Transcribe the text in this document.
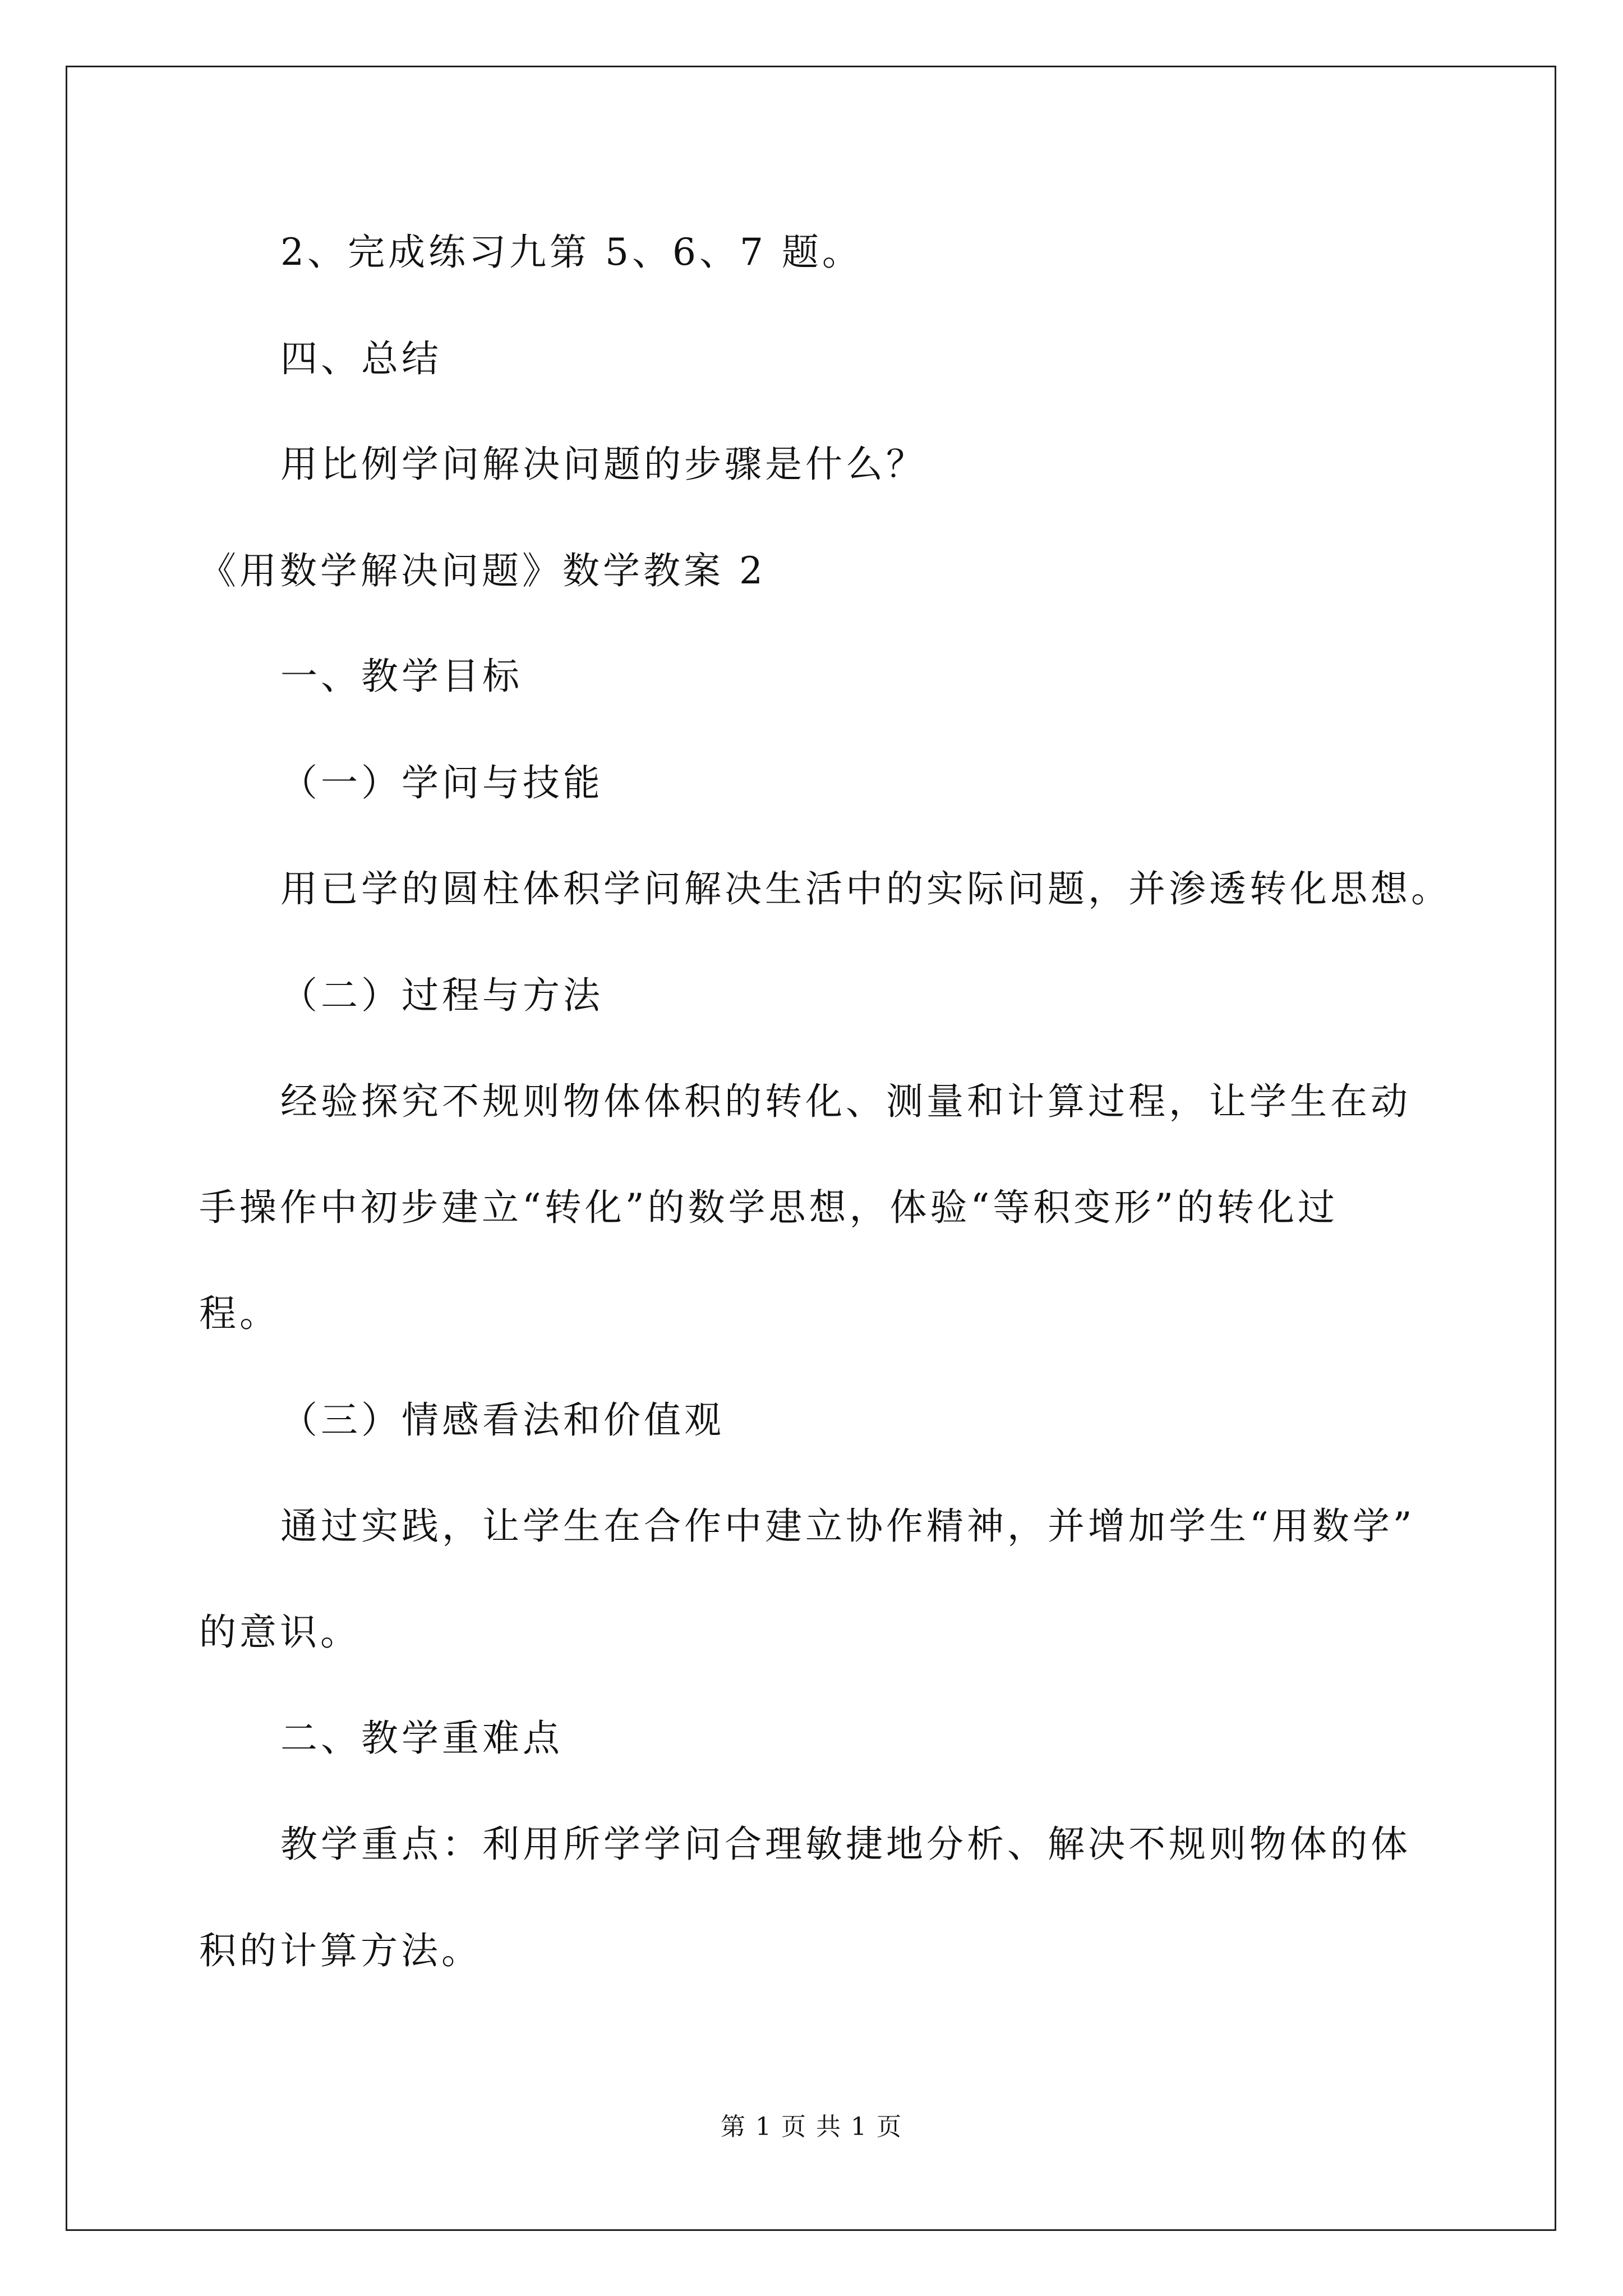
2、完成练习九第 5、6、7 题。
四、总结
用比例学问解决问题的步骤是什么？
《用数学解决问题》数学教案 2
一、教学目标
（一）学问与技能
用已学的圆柱体积学问解决生活中的实际问题，并渗透转化思想。
（二）过程与方法
经验探究不规则物体体积的转化、测量和计算过程，让学生在动
手操作中初步建立“转化”的数学思想，体验“等积变形”的转化过
程。
（三）情感看法和价值观
通过实践，让学生在合作中建立协作精神，并增加学生“用数学”
的意识。
二、教学重难点
教学重点：利用所学学问合理敏捷地分析、解决不规则物体的体
积的计算方法。
第 1 页 共 1 页
